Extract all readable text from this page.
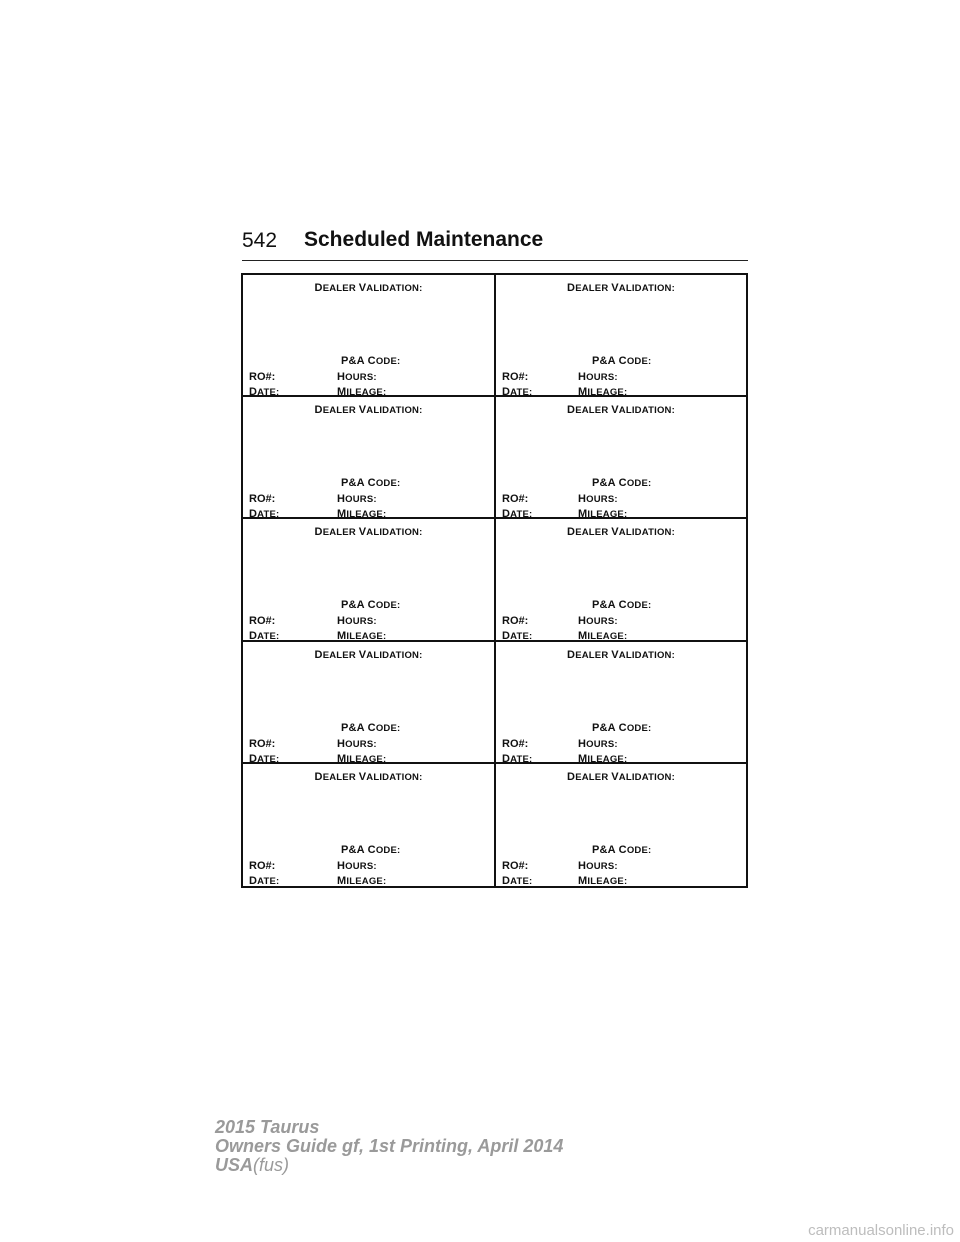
542 Scheduled Maintenance
DEALER VALIDATION:
P&A CODE:
RO#:	HOURS:
DATE:	MILEAGE:
DEALER VALIDATION:
P&A CODE:
RO#:	HOURS:
DATE:	MILEAGE:
DEALER VALIDATION:
P&A CODE:
RO#:	HOURS:
DATE:	MILEAGE:
DEALER VALIDATION:
P&A CODE:
RO#:	HOURS:
DATE:	MILEAGE:
DEALER VALIDATION:
P&A CODE:
RO#:	HOURS:
DATE:	MILEAGE:
DEALER VALIDATION:
P&A CODE:
RO#:	HOURS:
DATE:	MILEAGE:
DEALER VALIDATION:
P&A CODE:
RO#:	HOURS:
DATE:	MILEAGE:
DEALER VALIDATION:
P&A CODE:
RO#:	HOURS:
DATE:	MILEAGE:
DEALER VALIDATION:
P&A CODE:
RO#:	HOURS:
DATE:	MILEAGE:
DEALER VALIDATION:
P&A CODE:
RO#:	HOURS:
DATE:	MILEAGE:
2015 Taurus
Owners Guide gf, 1st Printing, April 2014
USA(fus)
carmanualsonline.info
